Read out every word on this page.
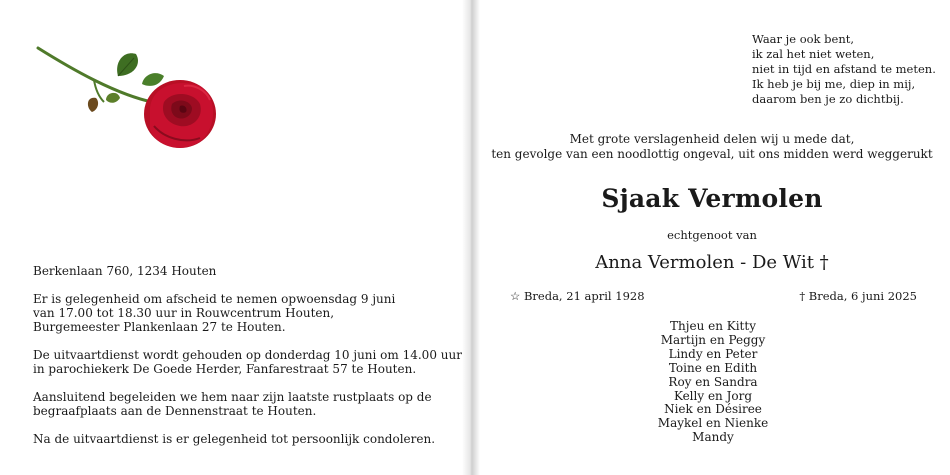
Berkenlaan 760, 1234 Houten

Er is gelegenheid om afscheid te nemen opwoensdag 9 juni
van 17.00 tot 18.30 uur in Rouwcentrum Houten,
Burgemeester Plankenlaan 27 te Houten.

De uitvaartdienst wordt gehouden op donderdag 10 juni om 14.00 uur
in parochiekerk De Goede Herder, Fanfarestraat 57 te Houten.

Aansluitend begeleiden we hem naar zijn laatste rustplaats op de
begraafplaats aan de Dennenstraat te Houten.

Na de uitvaartdienst is er gelegenheid tot persoonlijk condoleren.

Waar je ook bent,
ik zal het niet weten,
niet in tijd en afstand te meten.
Ik heb je bij me, diep in mij,
daarom ben je zo dichtbij.
Met grote verslagenheid delen wij u mede dat,
ten gevolge van een noodlottig ongeval, uit ons midden werd weggerukt
Sjaak Vermolen
echtgenoot van
Anna Vermolen - De Wit †
☆ Breda, 21 april 1928	† Breda, 6 juni 2025
Thjeu en Kitty
Martijn en Peggy
Lindy en Peter
Toine en Edith
Roy en Sandra
Kelly en Jorg
Niek en Désiree
Maykel en Nienke
Mandy
